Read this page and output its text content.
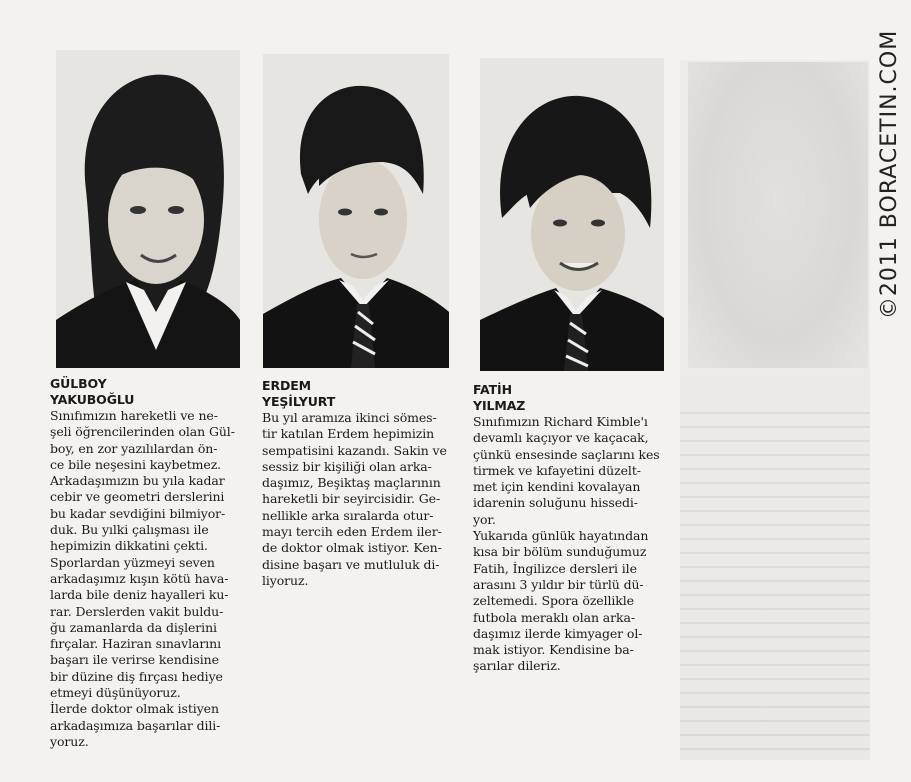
GÜLBOY
YAKUBOĞLU

Sınıfımızın hareketli ve ne-
şeli öğrencilerinden olan Gül-
boy, en zor yazılılardan ön-
ce bile neşesini kaybetmez.

Arkadaşımızın bu yıla kadar
cebir ve geometri derslerini
bu kadar sevdiğini bilmiyor-
duk. Bu yılki çalışması ile
hepimizin dikkatini çekti.

Sporlardan yüzmeyi seven
arkadaşımız kışın kötü hava-
larda bile deniz hayalleri ku-
rar. Derslerden vakit buldu-
ğu zamanlarda da dişlerini
fırçalar. Haziran sınavlarını
başarı ile verirse kendisine
bir düzine diş fırçası hediye
etmeyi düşünüyoruz.

İlerde doktor olmak istiyen
arkadaşımıza başarılar dili-
yoruz.

ERDEM
YEŞİLYURT

Bu yıl aramıza ikinci sömes-
tir katılan Erdem hepimizin
sempatisini kazandı. Sakin ve
sessiz bir kişiliği olan arka-
daşımız, Beşiktaş maçlarının
hareketli bir seyircisidir. Ge-
nellikle arka sıralarda otur-
mayı tercih eden Erdem iler-
de doktor olmak istiyor. Ken-
disine başarı ve mutluluk di-
liyoruz.

FATİH
YILMAZ

Sınıfımızın Richard Kimble'ı
devamlı kaçıyor ve kaçacak,
çünkü ensesinde saçlarını kes
tirmek ve kıfayetini düzelt-
met için kendini kovalayan
idarenin soluğunu hissedi-
yor.

Yukarıda günlük hayatından
kısa bir bölüm sunduğumuz
Fatih, İngilizce dersleri ile
arasını 3 yıldır bir türlü dü-
zeltemedi. Spora özellikle
futbola meraklı olan arka-
daşımız ilerde kimyager ol-
mak istiyor. Kendisine ba-
şarılar dileriz.

©2011 BORACETIN.COM
